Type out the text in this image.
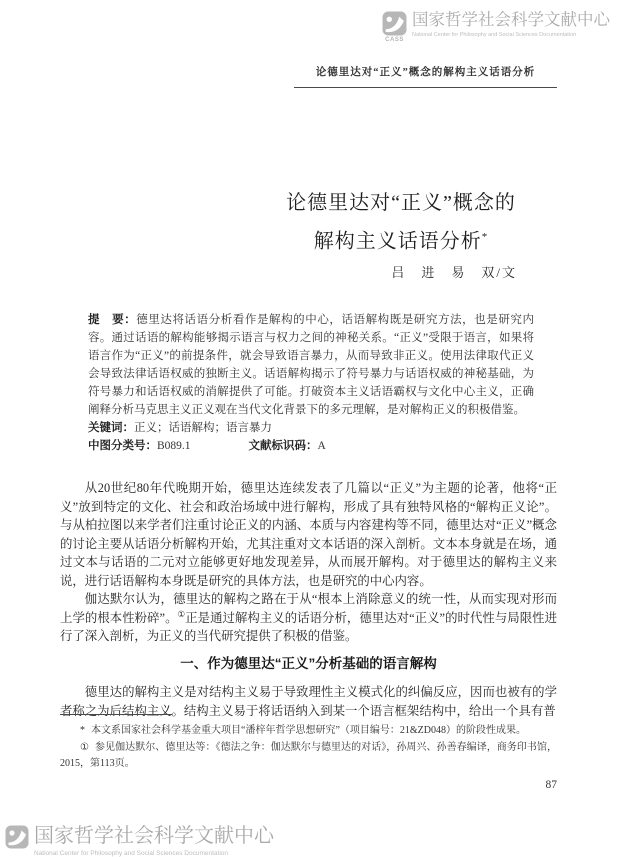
CASS
国家哲学社会科学文献中心
National Center for Philosophy and Social Sciences Documentation
论德里达对“正义”概念的解构主义话语分析
论德里达对“正义”概念的
解构主义话语分析*
吕　进　易　双/文

提　要：德里达将话语分析看作是解构的中心，话语解构既是研究方法，也是研究内容。通过话语的解构能够揭示语言与权力之间的神秘关系。“正义”受限于语言，如果将语言作为“正义”的前提条件，就会导致语言暴力，从而导致非正义。使用法律取代正义会导致法律话语权威的独断主义。话语解构揭示了符号暴力与话语权威的神秘基础，为符号暴力和话语权威的消解提供了可能。打破资本主义话语霸权与文化中心主义，正确阐释分析马克思主义正义观在当代文化背景下的多元理解，是对解构正义的积极借鉴。

关键词：正义；话语解构；语言暴力

中图分类号：B089.1	文献标识码：A

从20世纪80年代晚期开始，德里达连续发表了几篇以“正义”为主题的论著，他将“正义”放到特定的文化、社会和政治场域中进行解构，形成了具有独特风格的“解构正义论”。与从柏拉图以来学者们注重讨论正义的内涵、本质与内容建构等不同，德里达对“正义”概念的讨论主要从话语分析解构开始，尤其注重对文本话语的深入剖析。文本本身就是在场，通过文本与话语的二元对立能够更好地发现差异，从而展开解构。对于德里达的解构主义来说，进行话语解构本身既是研究的具体方法，也是研究的中心内容。

伽达默尔认为，德里达的解构之路在于从“根本上消除意义的统一性，从而实现对形而上学的根本性粉碎”。①正是通过解构主义的话语分析，德里达对“正义”的时代性与局限性进行了深入剖析，为正义的当代研究提供了积极的借鉴。

一、作为德里达“正义”分析基础的语言解构

德里达的解构主义是对结构主义易于导致理性主义模式化的纠偏反应，因而也被有的学者称之为后结构主义。结构主义易于将话语纳入到某一个语言框架结构中，给出一个具有普

* 本文系国家社会科学基金重大项目“潘梓年哲学思想研究”（项目编号：21&ZD048）的阶段性成果。

① 参见伽达默尔、德里达等：《德法之争：伽达默尔与德里达的对话》，孙周兴、孙善春编译，商务印书馆，2015，第113页。

87
国家哲学社会科学文献中心
National Center for Philosophy and Social Sciences Documentation
